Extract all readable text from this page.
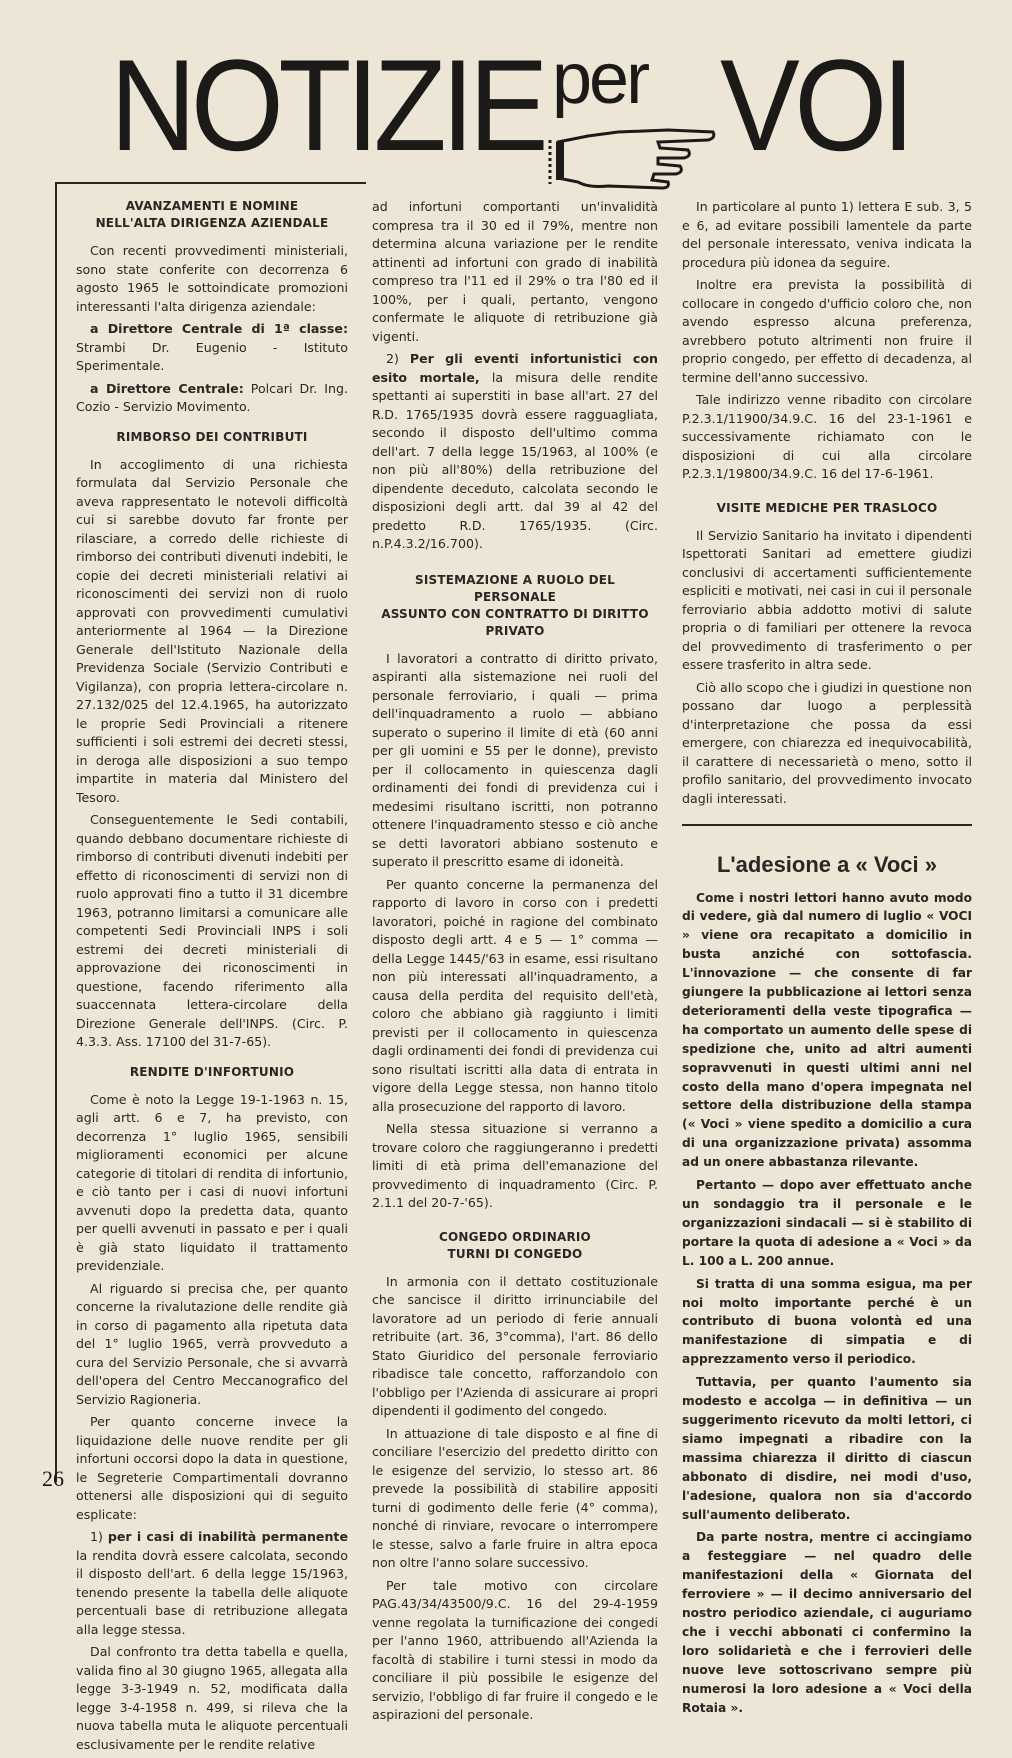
NOTIZIE per VOI
AVANZAMENTI E NOMINE
NELL'ALTA DIRIGENZA AZIENDALE

Con recenti provvedimenti ministeriali, sono state conferite con decorrenza 6 agosto 1965 le sottoindicate promozioni interessanti l'alta dirigenza aziendale:

a Direttore Centrale di 1ª classe: Strambi Dr. Eugenio - Istituto Sperimentale.

a Direttore Centrale: Polcari Dr. Ing. Cozio - Servizio Movimento.

RIMBORSO DEI CONTRIBUTI

In accoglimento di una richiesta formulata dal Servizio Personale che aveva rappresentato le notevoli difficoltà cui si sarebbe dovuto far fronte per rilasciare, a corredo delle richieste di rimborso dei contributi divenuti indebiti, le copie dei decreti ministeriali relativi ai riconoscimenti dei servizi non di ruolo approvati con provvedimenti cumulativi anteriormente al 1964 — la Direzione Generale dell'Istituto Nazionale della Previdenza Sociale (Servizio Contributi e Vigilanza), con propria lettera-circolare n. 27.132/025 del 12.4.1965, ha autorizzato le proprie Sedi Provinciali a ritenere sufficienti i soli estremi dei decreti stessi, in deroga alle disposizioni a suo tempo impartite in materia dal Ministero del Tesoro.

Conseguentemente le Sedi contabili, quando debbano documentare richieste di rimborso di contributi divenuti indebiti per effetto di riconoscimenti di servizi non di ruolo approvati fino a tutto il 31 dicembre 1963, potranno limitarsi a comunicare alle competenti Sedi Provinciali INPS i soli estremi dei decreti ministeriali di approvazione dei riconoscimenti in questione, facendo riferimento alla suaccennata lettera-circolare della Direzione Generale dell'INPS. (Circ. P. 4.3.3. Ass. 17100 del 31-7-65).

RENDITE D'INFORTUNIO

Come è noto la Legge 19-1-1963 n. 15, agli artt. 6 e 7, ha previsto, con decorrenza 1° luglio 1965, sensibili miglioramenti economici per alcune categorie di titolari di rendita di infortunio, e ciò tanto per i casi di nuovi infortuni avvenuti dopo la predetta data, quanto per quelli avvenuti in passato e per i quali è già stato liquidato il trattamento previdenziale.

Al riguardo si precisa che, per quanto concerne la rivalutazione delle rendite già in corso di pagamento alla ripetuta data del 1° luglio 1965, verrà provveduto a cura del Servizio Personale, che si avvarrà dell'opera del Centro Meccanografico del Servizio Ragioneria.

Per quanto concerne invece la liquidazione delle nuove rendite per gli infortuni occorsi dopo la data in questione, le Segreterie Compartimentali dovranno ottenersi alle disposizioni qui di seguito esplicate:

1) per i casi di inabilità permanente la rendita dovrà essere calcolata, secondo il disposto dell'art. 6 della legge 15/1963, tenendo presente la tabella delle aliquote percentuali base di retribuzione allegata alla legge stessa.

Dal confronto tra detta tabella e quella, valida fino al 30 giugno 1965, allegata alla legge 3-3-1949 n. 52, modificata dalla legge 3-4-1958 n. 499, si rileva che la nuova tabella muta le aliquote percentuali esclusivamente per le rendite relative

ad infortuni comportanti un'invalidità compresa tra il 30 ed il 79%, mentre non determina alcuna variazione per le rendite attinenti ad infortuni con grado di inabilità compreso tra l'11 ed il 29% o tra l'80 ed il 100%, per i quali, pertanto, vengono confermate le aliquote di retribuzione già vigenti.

2) Per gli eventi infortunistici con esito mortale, la misura delle rendite spettanti ai superstiti in base all'art. 27 del R.D. 1765/1935 dovrà essere ragguagliata, secondo il disposto dell'ultimo comma dell'art. 7 della legge 15/1963, al 100% (e non più all'80%) della retribuzione del dipendente deceduto, calcolata secondo le disposizioni degli artt. dal 39 al 42 del predetto R.D. 1765/1935. (Circ. n.P.4.3.2/16.700).

SISTEMAZIONE A RUOLO DEL PERSONALE
ASSUNTO CON CONTRATTO DI DIRITTO PRIVATO

I lavoratori a contratto di diritto privato, aspiranti alla sistemazione nei ruoli del personale ferroviario, i quali — prima dell'inquadramento a ruolo — abbiano superato o superino il limite di età (60 anni per gli uomini e 55 per le donne), previsto per il collocamento in quiescenza dagli ordinamenti dei fondi di previdenza cui i medesimi risultano iscritti, non potranno ottenere l'inquadramento stesso e ciò anche se detti lavoratori abbiano sostenuto e superato il prescritto esame di idoneità.

Per quanto concerne la permanenza del rapporto di lavoro in corso con i predetti lavoratori, poiché in ragione del combinato disposto degli artt. 4 e 5 — 1° comma — della Legge 1445/'63 in esame, essi risultano non più interessati all'inquadramento, a causa della perdita del requisito dell'età, coloro che abbiano già raggiunto i limiti previsti per il collocamento in quiescenza dagli ordinamenti dei fondi di previdenza cui sono risultati iscritti alla data di entrata in vigore della Legge stessa, non hanno titolo alla prosecuzione del rapporto di lavoro.

Nella stessa situazione si verranno a trovare coloro che raggiungeranno i predetti limiti di età prima dell'emanazione del provvedimento di inquadramento (Circ. P. 2.1.1 del 20-7-'65).

CONGEDO ORDINARIO
TURNI DI CONGEDO

In armonia con il dettato costituzionale che sancisce il diritto irrinunciabile del lavoratore ad un periodo di ferie annuali retribuite (art. 36, 3°comma), l'art. 86 dello Stato Giuridico del personale ferroviario ribadisce tale concetto, rafforzandolo con l'obbligo per l'Azienda di assicurare ai propri dipendenti il godimento del congedo.

In attuazione di tale disposto e al fine di conciliare l'esercizio del predetto diritto con le esigenze del servizio, lo stesso art. 86 prevede la possibilità di stabilire appositi turni di godimento delle ferie (4° comma), nonché di rinviare, revocare o interrompere le stesse, salvo a farle fruire in altra epoca non oltre l'anno solare successivo.

Per tale motivo con circolare PAG.43/34/43500/9.C. 16 del 29-4-1959 venne regolata la turnificazione dei congedi per l'anno 1960, attribuendo all'Azienda la facoltà di stabilire i turni stessi in modo da conciliare il più possibile le esigenze del servizio, l'obbligo di far fruire il congedo e le aspirazioni del personale.

In particolare al punto 1) lettera E sub. 3, 5 e 6, ad evitare possibili lamentele da parte del personale interessato, veniva indicata la procedura più idonea da seguire.

Inoltre era prevista la possibilità di collocare in congedo d'ufficio coloro che, non avendo espresso alcuna preferenza, avrebbero potuto altrimenti non fruire il proprio congedo, per effetto di decadenza, al termine dell'anno successivo.

Tale indirizzo venne ribadito con circolare P.2.3.1/11900/34.9.C. 16 del 23-1-1961 e successivamente richiamato con le disposizioni di cui alla circolare P.2.3.1/19800/34.9.C. 16 del 17-6-1961.

VISITE MEDICHE PER TRASLOCO

Il Servizio Sanitario ha invitato i dipendenti Ispettorati Sanitari ad emettere giudizi conclusivi di accertamenti sufficientemente espliciti e motivati, nei casi in cui il personale ferroviario abbia addotto motivi di salute propria o di familiari per ottenere la revoca del provvedimento di trasferimento o per essere trasferito in altra sede.

Ciò allo scopo che i giudizi in questione non possano dar luogo a perplessità d'interpretazione che possa da essi emergere, con chiarezza ed inequivocabilità, il carattere di necessarietà o meno, sotto il profilo sanitario, del provvedimento invocato dagli interessati.

L'adesione a « Voci »

Come i nostri lettori hanno avuto modo di vedere, già dal numero di luglio « VOCI » viene ora recapitato a domicilio in busta anziché con sottofascia. L'innovazione — che consente di far giungere la pubblicazione ai lettori senza deterioramenti della veste tipografica — ha comportato un aumento delle spese di spedizione che, unito ad altri aumenti sopravvenuti in questi ultimi anni nel costo della mano d'opera impegnata nel settore della distribuzione della stampa (« Voci » viene spedito a domicilio a cura di una organizzazione privata) assomma ad un onere abbastanza rilevante.

Pertanto — dopo aver effettuato anche un sondaggio tra il personale e le organizzazioni sindacali — si è stabilito di portare la quota di adesione a « Voci » da L. 100 a L. 200 annue.

Si tratta di una somma esigua, ma per noi molto importante perché è un contributo di buona volontà ed una manifestazione di simpatia e di apprezzamento verso il periodico.

Tuttavia, per quanto l'aumento sia modesto e accolga — in definitiva — un suggerimento ricevuto da molti lettori, ci siamo impegnati a ribadire con la massima chiarezza il diritto di ciascun abbonato di disdire, nei modi d'uso, l'adesione, qualora non sia d'accordo sull'aumento deliberato.

Da parte nostra, mentre ci accingiamo a festeggiare — nel quadro delle manifestazioni della « Giornata del ferroviere » — il decimo anniversario del nostro periodico aziendale, ci auguriamo che i vecchi abbonati ci confermino la loro solidarietà e che i ferrovieri delle nuove leve sottoscrivano sempre più numerosi la loro adesione a « Voci della Rotaia ».

26
